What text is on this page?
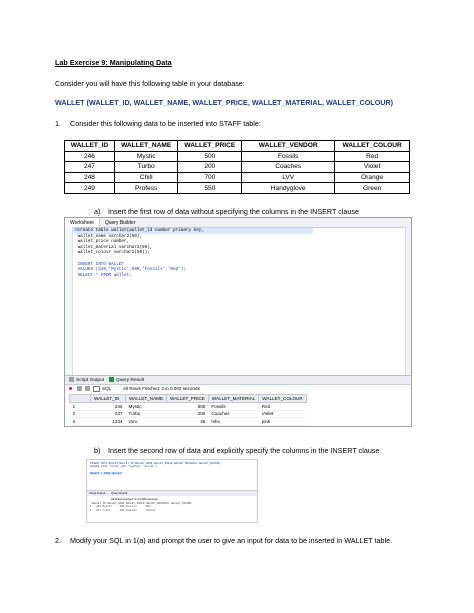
Lab Exercise 9: Manipulating Data
Consider you will have this following table in your database:
WALLET (WALLET_ID, WALLET_NAME, WALLET_PRICE, WALLET_MATERIAL, WALLET_COLOUR)
1. Consider this following data to be inserted into STAFF table:
WALLET_ID	WALLET_NAME	WALLET_PRICE	WALLET_VENDOR	WALLET_COLOUR
246	Mystic	500	Fossils	Red
247	Turbo	200	Coaches	Violet
248	Chill	700	LVV	Orange
249	Profess	550	Handyglove	Green
a) Insert the first row of data without specifying the columns in the INSERT clause
Worksheet Query Builder
⊟create table wallet(wallet_id number primary key,
wallet_name varchar2(50),
wallet_price number,
wallet_material varchar2(50),
wallet_colour varchar2(50));

INSERT INTO WALLET
VALUES (246,'Mystic',500,'Fossils','Red');
SELECT * FROM wallet;
Script Output	Query Result
SQL	All Rows Fetched: 3 in 0.002 seconds
	WALLET_ID	WALLET_NAME	WALLET_PRICE	WALLET_MATERIAL	WALLET_COLOUR
1	246	Mystic	500	Fossils	Red
2	247	Turbo	200	Coaches	Violet
3	1234	zoro	45	hihu	pink
b) Insert the second row of data and explicitly specify the columns in the INSERT clause
INSERT INTO WALLET(WALLET_ID,WALLET_NAME,WALLET_PRICE,WALLET_MATERIAL,WALLET_COLOUR)
VALUES (247,'Turbo',200,'Coaches','Violet');

SELECT * FROM WALLET;
Script Output Query Result
All Rows Fetched: 2 in 0.006 seconds
WALLET_ID WALLET_NAME WALLET_PRICE WALLET_MATERIAL WALLET_COLOUR
1 246 Mystic	500 Fossils	Red
2 247 Turbo	200 Coaches	Violet
2. Modify your SQL in 1(a) and prompt the user to give an input for data to be inserted in WALLET table.
